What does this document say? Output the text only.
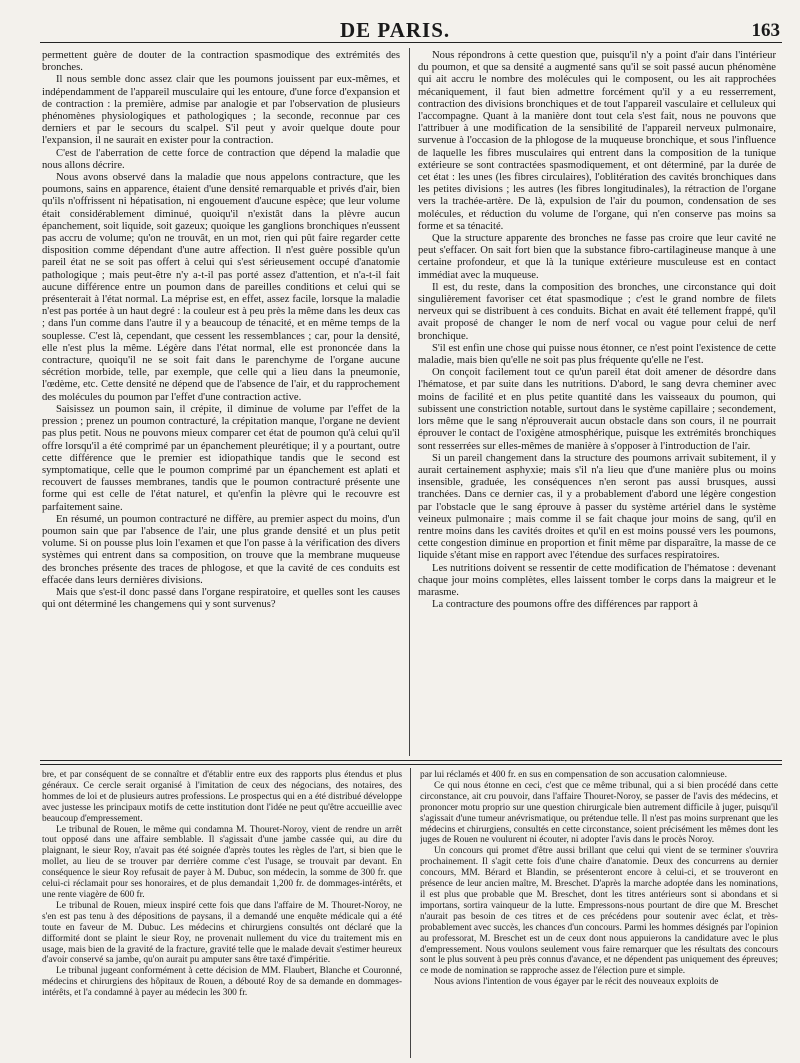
DE PARIS.	163

permettent guère de douter de la contraction spasmodique des extrémités des bronches.

Il nous semble donc assez clair que les poumons jouissent par eux-mêmes, et indépendamment de l'appareil musculaire qui les entoure, d'une force d'expansion et de contraction : la première, admise par analogie et par l'observation de plusieurs phénomènes physiologiques et pathologiques ; la seconde, reconnue par ces derniers et par le secours du scalpel. S'il peut y avoir quelque doute pour l'expansion, il ne saurait en exister pour la contraction.

C'est de l'aberration de cette force de contraction que dépend la maladie que nous allons décrire.

Nous avons observé dans la maladie que nous appelons contracture, que les poumons, sains en apparence, étaient d'une densité remarquable et privés d'air, bien qu'ils n'offrissent ni hépatisation, ni engouement d'aucune espèce; que leur volume était considérablement diminué, quoiqu'il n'existât dans la plèvre aucun épanchement, soit liquide, soit gazeux; quoique les ganglions bronchiques n'eussent pas accru de volume; qu'on ne trouvât, en un mot, rien qui pût faire regarder cette disposition comme dépendant d'une autre affection. Il n'est guère possible qu'un pareil état ne se soit pas offert à celui qui s'est sérieusement occupé d'anatomie pathologique ; mais peut-être n'y a-t-il pas porté assez d'attention, et n'a-t-il fait aucune différence entre un poumon dans de pareilles conditions et celui qui se présenterait à l'état normal. La méprise est, en effet, assez facile, lorsque la maladie n'est pas portée à un haut degré : la couleur est à peu près la même dans les deux cas ; dans l'un comme dans l'autre il y a beaucoup de ténacité, et en même temps de la souplesse. C'est là, cependant, que cessent les ressemblances ; car, pour la densité, elle n'est plus la même. Légère dans l'état normal, elle est prononcée dans la contracture, quoiqu'il ne se soit fait dans le parenchyme de l'organe aucune sécrétion morbide, telle, par exemple, que celle qui a lieu dans la pneumonie, l'œdème, etc. Cette densité ne dépend que de l'absence de l'air, et du rapprochement des molécules du poumon par l'effet d'une contraction active.

Saisissez un poumon sain, il crépite, il diminue de volume par l'effet de la pression ; prenez un poumon contracturé, la crépitation manque, l'organe ne devient pas plus petit. Nous ne pouvons mieux comparer cet état de poumon qu'à celui qu'il offre lorsqu'il a été comprimé par un épanchement pleurétique; il y a pourtant, outre cette différence que le premier est idiopathique tandis que le second est symptomatique, celle que le poumon comprimé par un épanchement est aplati et recouvert de fausses membranes, tandis que le poumon contracturé présente une forme qui est celle de l'état naturel, et qu'enfin la plèvre qui le recouvre est parfaitement saine.

En résumé, un poumon contracturé ne diffère, au premier aspect du moins, d'un poumon sain que par l'absence de l'air, une plus grande densité et un plus petit volume. Si on pousse plus loin l'examen et que l'on passe à la vérification des divers systèmes qui entrent dans sa composition, on trouve que la membrane muqueuse des bronches présente des traces de phlogose, et que la cavité de ces conduits est effacée dans leurs dernières divisions.

Mais que s'est-il donc passé dans l'organe respiratoire, et quelles sont les causes qui ont déterminé les changemens qui y sont survenus?

Nous répondrons à cette question que, puisqu'il n'y a point d'air dans l'intérieur du poumon, et que sa densité a augmenté sans qu'il se soit passé aucun phénomène qui ait accru le nombre des molécules qui le composent, ou les ait rapprochées mécaniquement, il faut bien admettre forcément qu'il y a eu resserrement, contraction des divisions bronchiques et de tout l'appareil vasculaire et celluleux qui l'accompagne. Quant à la manière dont tout cela s'est fait, nous ne pouvons que l'attribuer à une modification de la sensibilité de l'appareil nerveux pulmonaire, survenue à l'occasion de la phlogose de la muqueuse bronchique, et sous l'influence de laquelle les fibres musculaires qui entrent dans la composition de la tunique extérieure se sont contractées spasmodiquement, et ont déterminé, par la durée de cet état : les unes (les fibres circulaires), l'oblitération des cavités bronchiques dans les petites divisions ; les autres (les fibres longitudinales), la rétraction de l'organe vers la trachée-artère. De là, expulsion de l'air du poumon, condensation de ses molécules, et réduction du volume de l'organe, qui n'en conserve pas moins sa forme et sa ténacité.

Que la structure apparente des bronches ne fasse pas croire que leur cavité ne peut s'effacer. On sait fort bien que la substance fibro-cartilagineuse manque à une certaine profondeur, et que là la tunique extérieure musculeuse est en contact immédiat avec la muqueuse.

Il est, du reste, dans la composition des bronches, une circonstance qui doit singulièrement favoriser cet état spasmodique ; c'est le grand nombre de filets nerveux qui se distribuent à ces conduits. Bichat en avait été tellement frappé, qu'il avait proposé de changer le nom de nerf vocal ou vague pour celui de nerf bronchique.

S'il est enfin une chose qui puisse nous étonner, ce n'est point l'existence de cette maladie, mais bien qu'elle ne soit pas plus fréquente qu'elle ne l'est.

On conçoit facilement tout ce qu'un pareil état doit amener de désordre dans l'hématose, et par suite dans les nutritions. D'abord, le sang devra cheminer avec moins de facilité et en plus petite quantité dans les vaisseaux du poumon, qui subissent une constriction notable, surtout dans le système capillaire ; secondement, lors même que le sang n'éprouverait aucun obstacle dans son cours, il ne pourrait éprouver le contact de l'oxigène atmosphérique, puisque les extrémités bronchiques sont resserrées sur elles-mêmes de manière à s'opposer à l'introduction de l'air.

Si un pareil changement dans la structure des poumons arrivait subitement, il y aurait certainement asphyxie; mais s'il n'a lieu que d'une manière plus ou moins insensible, graduée, les conséquences n'en seront pas aussi brusques, aussi tranchées. Dans ce dernier cas, il y a probablement d'abord une légère congestion par l'obstacle que le sang éprouve à passer du système artériel dans le système veineux pulmonaire ; mais comme il se fait chaque jour moins de sang, qu'il en rentre moins dans les cavités droites et qu'il en est moins poussé vers les poumons, cette congestion diminue en proportion et finit même par disparaître, la masse de ce liquide s'étant mise en rapport avec l'étendue des surfaces respiratoires.

Les nutritions doivent se ressentir de cette modification de l'hématose : devenant chaque jour moins complètes, elles laissent tomber le corps dans la maigreur et le marasme.

La contracture des poumons offre des différences par rapport à

bre, et par conséquent de se connaître et d'établir entre eux des rapports plus étendus et plus généraux. Ce cercle serait organisé à l'imitation de ceux des négocians, des notaires, des hommes de loi et de plusieurs autres professions. Le prospectus qui en a été distribué développe avec justesse les principaux motifs de cette institution dont l'idée ne peut qu'être accueillie avec beaucoup d'empressement.

Le tribunal de Rouen, le même qui condamna M. Thouret-Noroy, vient de rendre un arrêt tout opposé dans une affaire semblable. Il s'agissait d'une jambe cassée qui, au dire du plaignant, le sieur Roy, n'avait pas été soignée d'après toutes les règles de l'art, si bien que le mollet, au lieu de se trouver par derrière comme c'est l'usage, se trouvait par devant. En conséquence le sieur Roy refusait de payer à M. Dubuc, son médecin, la somme de 300 fr. que celui-ci réclamait pour ses honoraires, et de plus demandait 1,200 fr. de dommages-intérêts, et une rente viagère de 600 fr.

Le tribunal de Rouen, mieux inspiré cette fois que dans l'affaire de M. Thouret-Noroy, ne s'en est pas tenu à des dépositions de paysans, il a demandé une enquête médicale qui a été toute en faveur de M. Dubuc. Les médecins et chirurgiens consultés ont déclaré que la difformité dont se plaint le sieur Roy, ne provenait nullement du vice du traitement mis en usage, mais bien de la gravité de la fracture, gravité telle que le malade devait s'estimer heureux d'avoir conservé sa jambe, qu'on aurait pu amputer sans être taxé d'impéritie.

Le tribunal jugeant conformément à cette décision de MM. Flaubert, Blanche et Couronné, médecins et chirurgiens des hôpitaux de Rouen, a débouté Roy de sa demande en dommages-intérêts, et l'a condamné à payer au médecin les 300 fr.

par lui réclamés et 400 fr. en sus en compensation de son accusation calomnieuse.

Ce qui nous étonne en ceci, c'est que ce même tribunal, qui a si bien procédé dans cette circonstance, ait cru pouvoir, dans l'affaire Thouret-Noroy, se passer de l'avis des médecins, et prononcer motu proprio sur une question chirurgicale bien autrement difficile à juger, puisqu'il s'agissait d'une tumeur anévrismatique, ou prétendue telle. Il n'est pas moins surprenant que les médecins et chirurgiens, consultés en cette circonstance, soient précisément les mêmes dont les juges de Rouen ne voulurent ni écouter, ni adopter l'avis dans le procès Noroy.

Un concours qui promet d'être aussi brillant que celui qui vient de se terminer s'ouvrira prochainement. Il s'agit cette fois d'une chaire d'anatomie. Deux des concurrens au dernier concours, MM. Bérard et Blandin, se présenteront encore à celui-ci, et se trouveront en présence de leur ancien maître, M. Breschet. D'après la marche adoptée dans les nominations, il est plus que probable que M. Breschet, dont les titres antérieurs sont si abondans et si importans, sortira vainqueur de la lutte. Empressons-nous pourtant de dire que M. Breschet n'aurait pas besoin de ces titres et de ces précédens pour soutenir avec éclat, et très-probablement avec succès, les chances d'un concours. Parmi les hommes désignés par l'opinion au professorat, M. Breschet est un de ceux dont nous appuierons la candidature avec le plus d'empressement. Nous voulons seulement vous faire remarquer que les résultats des concours sont le plus souvent à peu près connus d'avance, et ne dépendent pas uniquement des épreuves; ce mode de nomination se rapproche assez de l'élection pure et simple.

Nous avions l'intention de vous égayer par le récit des nouveaux exploits de
